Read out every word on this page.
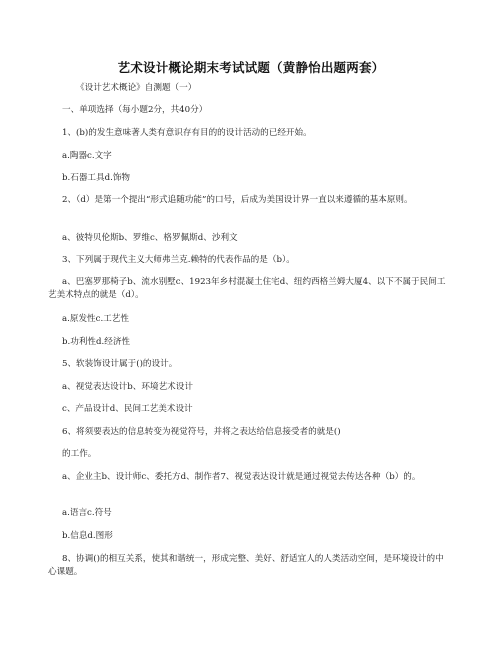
艺术设计概论期末考试试题（黄静怡出题两套）
《设计艺术概论》自测题（一）
一、单项选择（每小题2分，共40分）
1、(b)的发生意味著人类有意识存有目的的设计活动的已经开始。
a.陶器c.文字
b.石器工具d.饰物
2、（d）是第一个提出“形式追随功能”的口号，后成为美国设计界一直以来遵循的基本原则。
a、彼特贝伦斯b、罗维c、格罗佩斯d、沙利文
3、下列属于现代主义大师弗兰克.赖特的代表作品的是（b）。
a、巴塞罗那椅子b、流水别墅c、1923年乡村混凝土住宅d、纽约西格兰姆大厦4、以下不属于民间工艺美术特点的就是（d）。
a.原发性c.工艺性
b.功利性d.经济性
5、软装饰设计属于()的设计。
a、视觉表达设计b、环境艺术设计
c、产品设计d、民间工艺美术设计
6、将须要表达的信息转变为视觉符号，并将之表达给信息接受者的就是()
的工作。
a、企业主b、设计师c、委托方d、制作者7、视觉表达设计就是通过视觉去传达各种（b）的。
a.语言c.符号
b.信息d.图形
8、协调()的相互关系，使其和谐统一，形成完整、美好、舒适宜人的人类活动空间，是环境设计的中心课题。
